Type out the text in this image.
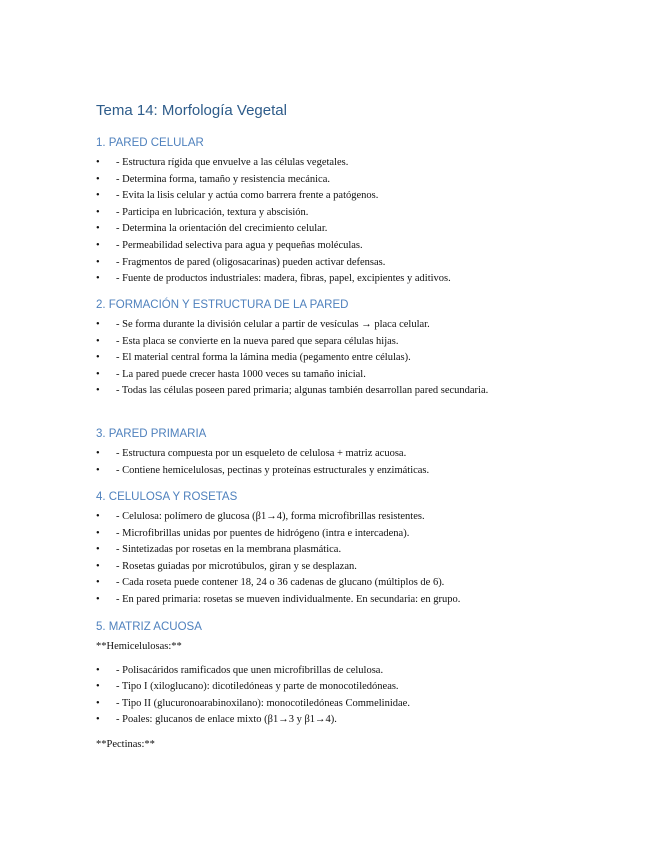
Tema 14: Morfología Vegetal
1. PARED CELULAR
• - Estructura rígida que envuelve a las células vegetales.
• - Determina forma, tamaño y resistencia mecánica.
• - Evita la lisis celular y actúa como barrera frente a patógenos.
• - Participa en lubricación, textura y abscisión.
• - Determina la orientación del crecimiento celular.
• - Permeabilidad selectiva para agua y pequeñas moléculas.
• - Fragmentos de pared (oligosacarinas) pueden activar defensas.
• - Fuente de productos industriales: madera, fibras, papel, excipientes y aditivos.
2. FORMACIÓN Y ESTRUCTURA DE LA PARED
• - Se forma durante la división celular a partir de vesículas → placa celular.
• - Esta placa se convierte en la nueva pared que separa células hijas.
• - El material central forma la lámina media (pegamento entre células).
• - La pared puede crecer hasta 1000 veces su tamaño inicial.
• - Todas las células poseen pared primaria; algunas también desarrollan pared secundaria.
3. PARED PRIMARIA
• - Estructura compuesta por un esqueleto de celulosa + matriz acuosa.
• - Contiene hemicelulosas, pectinas y proteínas estructurales y enzimáticas.
4. CELULOSA Y ROSETAS
• - Celulosa: polímero de glucosa (β1→4), forma microfibrillas resistentes.
• - Microfibrillas unidas por puentes de hidrógeno (intra e intercadena).
• - Sintetizadas por rosetas en la membrana plasmática.
• - Rosetas guiadas por microtúbulos, giran y se desplazan.
• - Cada roseta puede contener 18, 24 o 36 cadenas de glucano (múltiplos de 6).
• - En pared primaria: rosetas se mueven individualmente. En secundaria: en grupo.
5. MATRIZ ACUOSA

**Hemicelulosas:**

• - Polisacáridos ramificados que unen microfibrillas de celulosa.
• - Tipo I (xiloglucano): dicotiledóneas y parte de monocotiledóneas.
• - Tipo II (glucuronoarabinoxilano): monocotiledóneas Commelinidae.
• - Poales: glucanos de enlace mixto (β1→3 y β1→4).

**Pectinas:**
